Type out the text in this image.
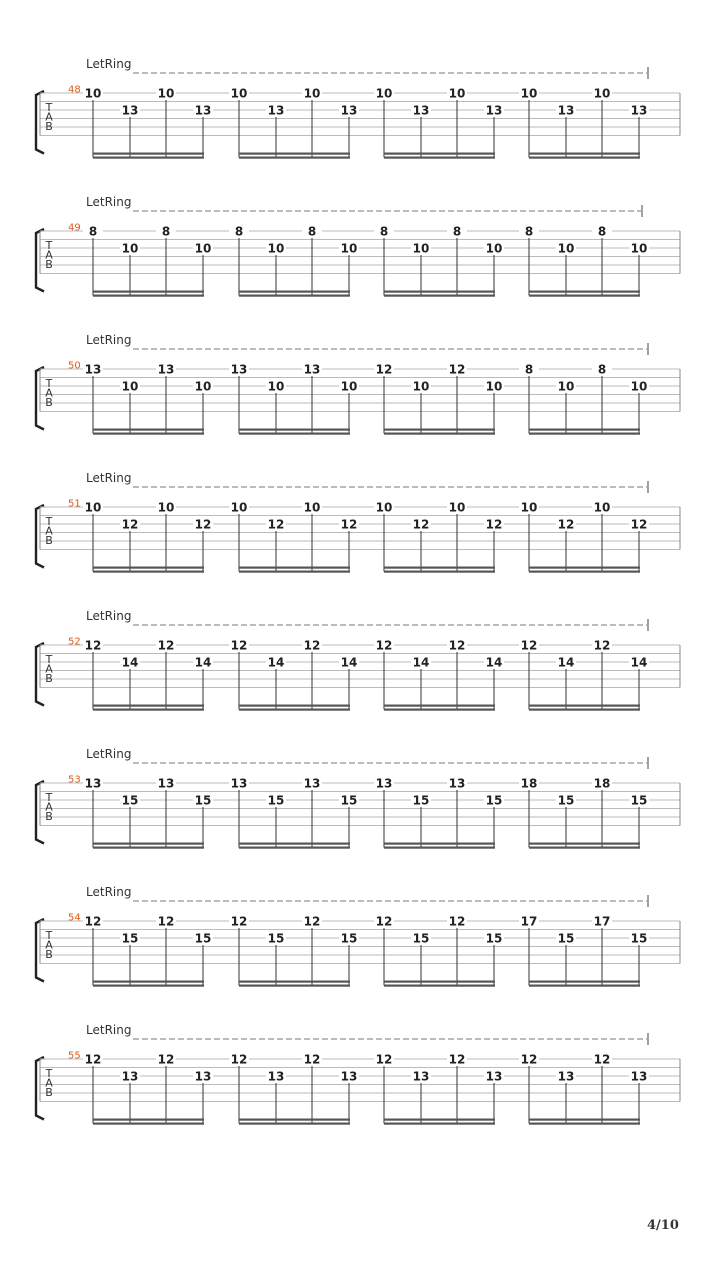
LetRing
48
T
A
B
10
13
10
13
10
13
10
13
10
13
10
13
10
13
10
13
LetRing
49
T
A
B
8
10
8
10
8
10
8
10
8
10
8
10
8
10
8
10
LetRing
50
T
A
B
13
10
13
10
13
10
13
10
12
10
12
10
8
10
8
10
LetRing
51
T
A
B
10
12
10
12
10
12
10
12
10
12
10
12
10
12
10
12
LetRing
52
T
A
B
12
14
12
14
12
14
12
14
12
14
12
14
12
14
12
14
LetRing
53
T
A
B
13
15
13
15
13
15
13
15
13
15
13
15
18
15
18
15
LetRing
54
T
A
B
12
15
12
15
12
15
12
15
12
15
12
15
17
15
17
15
LetRing
55
T
A
B
12
13
12
13
12
13
12
13
12
13
12
13
12
13
12
13
4/10
